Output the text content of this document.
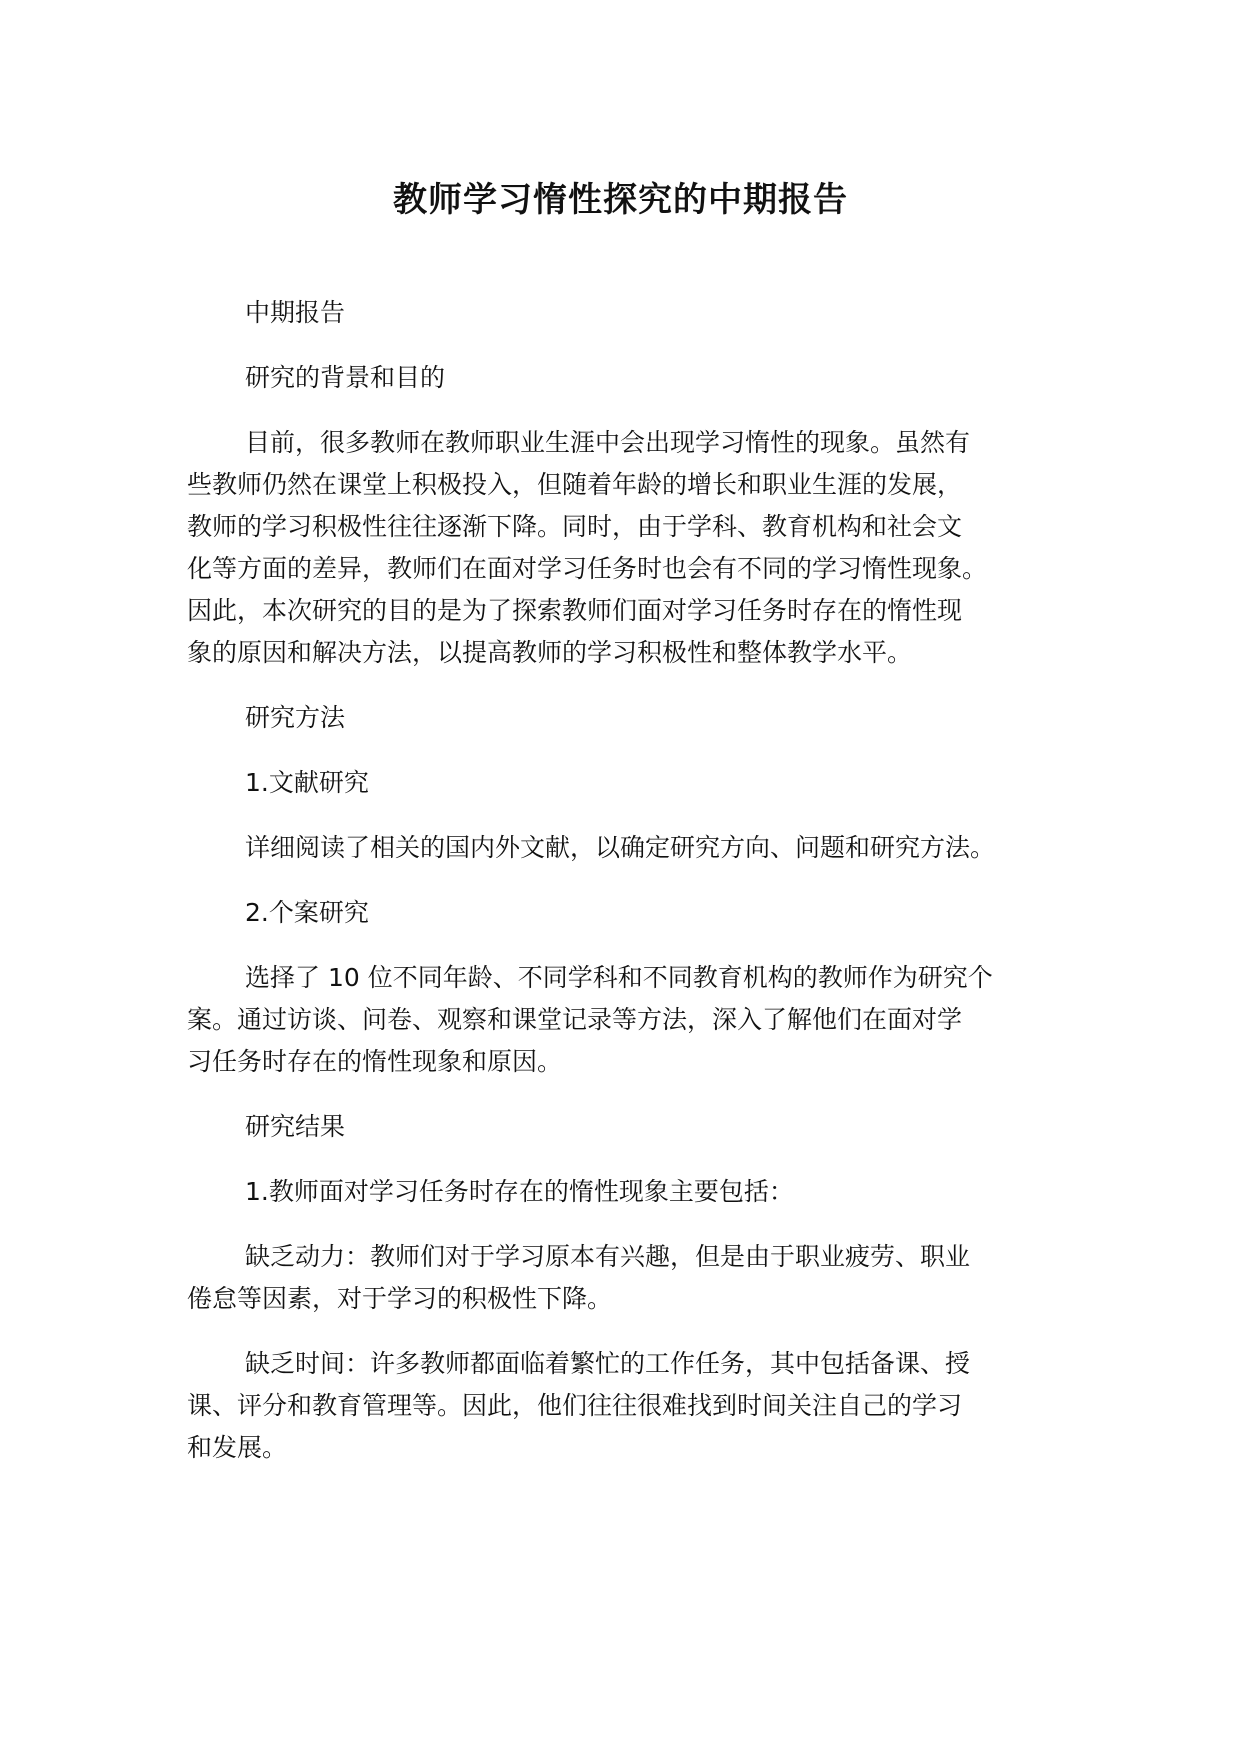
教师学习惰性探究的中期报告

中期报告

研究的背景和目的

目前，很多教师在教师职业生涯中会出现学习惰性的现象。虽然有
些教师仍然在课堂上积极投入，但随着年龄的增长和职业生涯的发展，
教师的学习积极性往往逐渐下降。同时，由于学科、教育机构和社会文
化等方面的差异，教师们在面对学习任务时也会有不同的学习惰性现象。
因此，本次研究的目的是为了探索教师们面对学习任务时存在的惰性现
象的原因和解决方法，以提高教师的学习积极性和整体教学水平。

研究方法

1.文献研究

详细阅读了相关的国内外文献，以确定研究方向、问题和研究方法。

2.个案研究

选择了 10 位不同年龄、不同学科和不同教育机构的教师作为研究个
案。通过访谈、问卷、观察和课堂记录等方法，深入了解他们在面对学
习任务时存在的惰性现象和原因。

研究结果

1.教师面对学习任务时存在的惰性现象主要包括：

缺乏动力：教师们对于学习原本有兴趣，但是由于职业疲劳、职业
倦怠等因素，对于学习的积极性下降。

缺乏时间：许多教师都面临着繁忙的工作任务，其中包括备课、授
课、评分和教育管理等。因此，他们往往很难找到时间关注自己的学习
和发展。
